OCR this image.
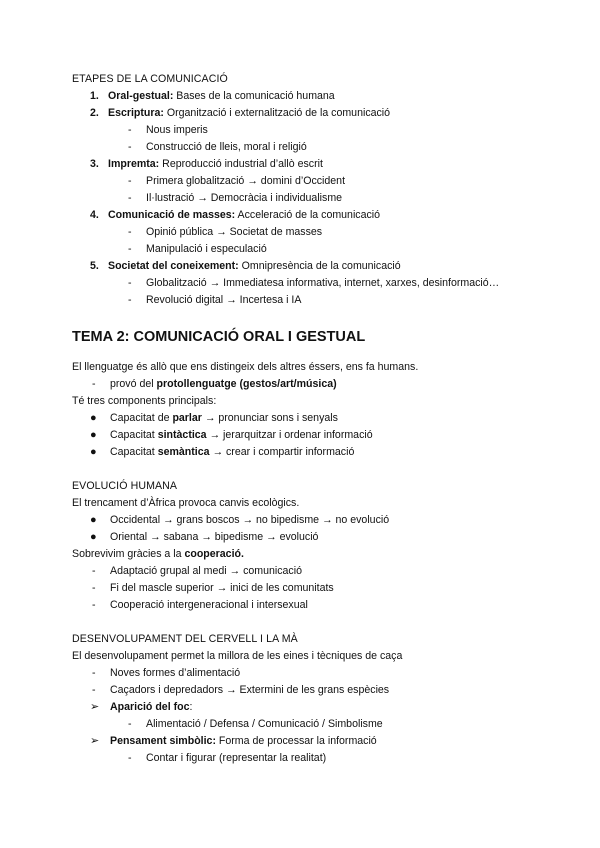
ETAPES DE LA COMUNICACIÓ
1. Oral-gestual: Bases de la comunicació humana
2. Escriptura: Organització i externalització de la comunicació
- Nous imperis
- Construcció de lleis, moral i religió
3. Impremta: Reproducció industrial d’allò escrit
- Primera globalització → domini d’Occident
- Il·lustració → Democràcia i individualisme
4. Comunicació de masses: Acceleració de la comunicació
- Opinió pública → Societat de masses
- Manipulació i especulació
5. Societat del coneixement: Omnipresència de la comunicació
- Globalització → Immediatesa informativa, internet, xarxes, desinformació…
- Revolució digital → Incertesa i IA
TEMA 2: COMUNICACIÓ ORAL I GESTUAL
El llenguatge és allò que ens distingeix dels altres éssers, ens fa humans.
- provó del protollenguatge (gestos/art/música)
Té tres components principals:
● Capacitat de parlar → pronunciar sons i senyals
● Capacitat sintàctica → jerarquitzar i ordenar informació
● Capacitat semàntica → crear i compartir informació
EVOLUCIÓ HUMANA
El trencament d’Àfrica provoca canvis ecològics.
● Occidental → grans boscos → no bipedisme → no evolució
● Oriental → sabana → bipedisme → evolució
Sobrevivim gràcies a la cooperació.
- Adaptació grupal al medi → comunicació
- Fi del mascle superior → inici de les comunitats
- Cooperació intergeneracional i intersexual
DESENVOLUPAMENT DEL CERVELL I LA MÀ
El desenvolupament permet la millora de les eines i tècniques de caça
- Noves formes d’alimentació
- Caçadors i depredadors → Extermini de les grans espècies
➢ Aparició del foc:
- Alimentació / Defensa / Comunicació / Simbolisme
➢ Pensament simbòlic: Forma de processar la informació
- Contar i figurar (representar la realitat)
